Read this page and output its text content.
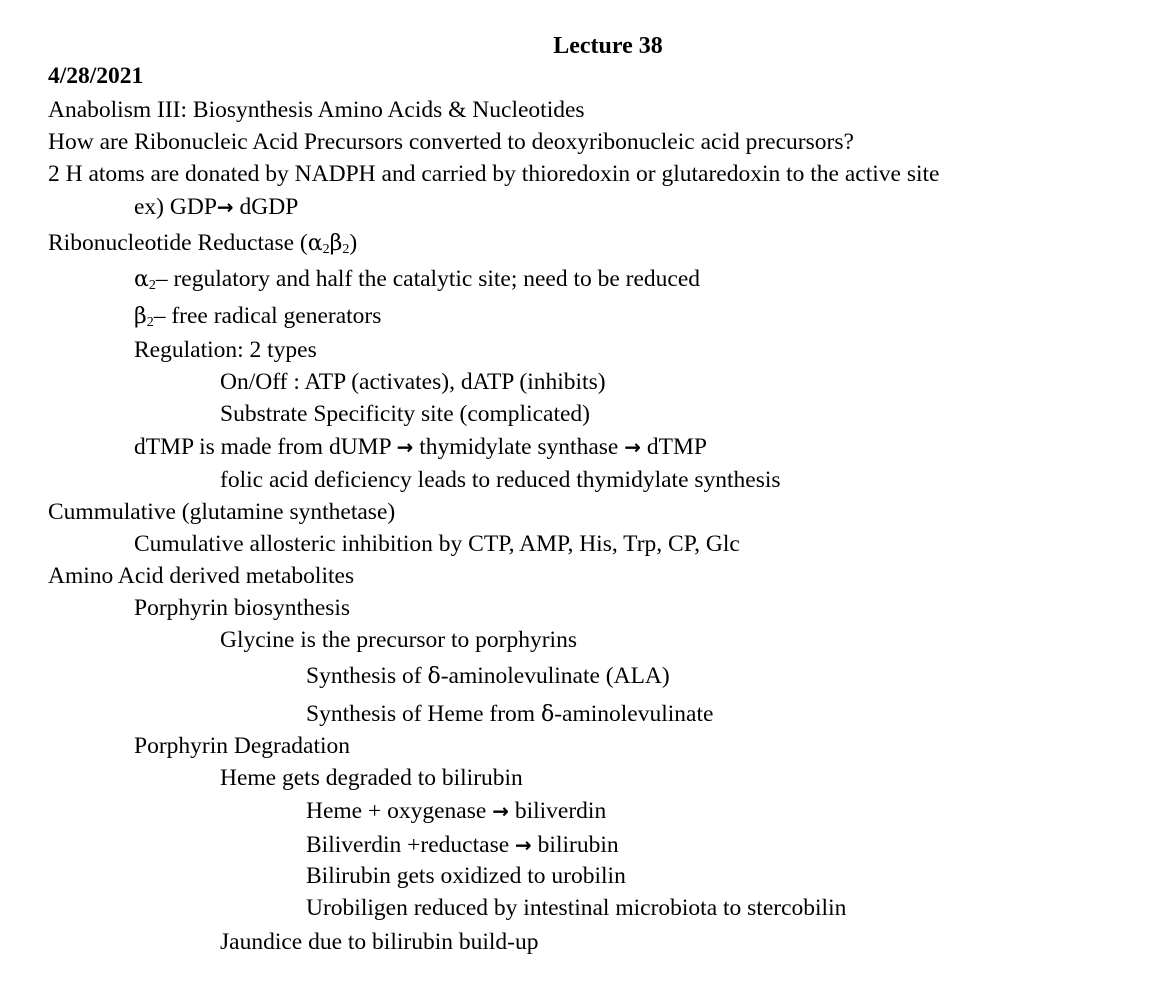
Lecture 38
4/28/2021
Anabolism III: Biosynthesis Amino Acids & Nucleotides
How are Ribonucleic Acid Precursors converted to deoxyribonucleic acid precursors?
2 H atoms are donated by NADPH and carried by thioredoxin or glutaredoxin to the active site
ex) GDP→ dGDP
Ribonucleotide Reductase $(\alpha_2\beta_2)$
$\alpha_2-$ regulatory and half the catalytic site; need to be reduced
$\beta_2-$ free radical generators
Regulation: 2 types
On/Off : ATP (activates), dATP (inhibits)
Substrate Specificity site (complicated)
dTMP is made from dUMP → thymidylate synthase → dTMP
folic acid deficiency leads to reduced thymidylate synthesis
Cummulative (glutamine synthetase)
Cumulative allosteric inhibition by CTP, AMP, His, Trp, CP, Glc
Amino Acid derived metabolites
Porphyrin biosynthesis
Glycine is the precursor to porphyrins
Synthesis of δ-aminolevulinate (ALA)
Synthesis of Heme from δ-aminolevulinate
Porphyrin Degradation
Heme gets degraded to bilirubin
Heme + oxygenase → biliverdin
Biliverdin +reductase → bilirubin
Bilirubin gets oxidized to urobilin
Urobiligen reduced by intestinal microbiota to stercobilin
Jaundice due to bilirubin build-up
